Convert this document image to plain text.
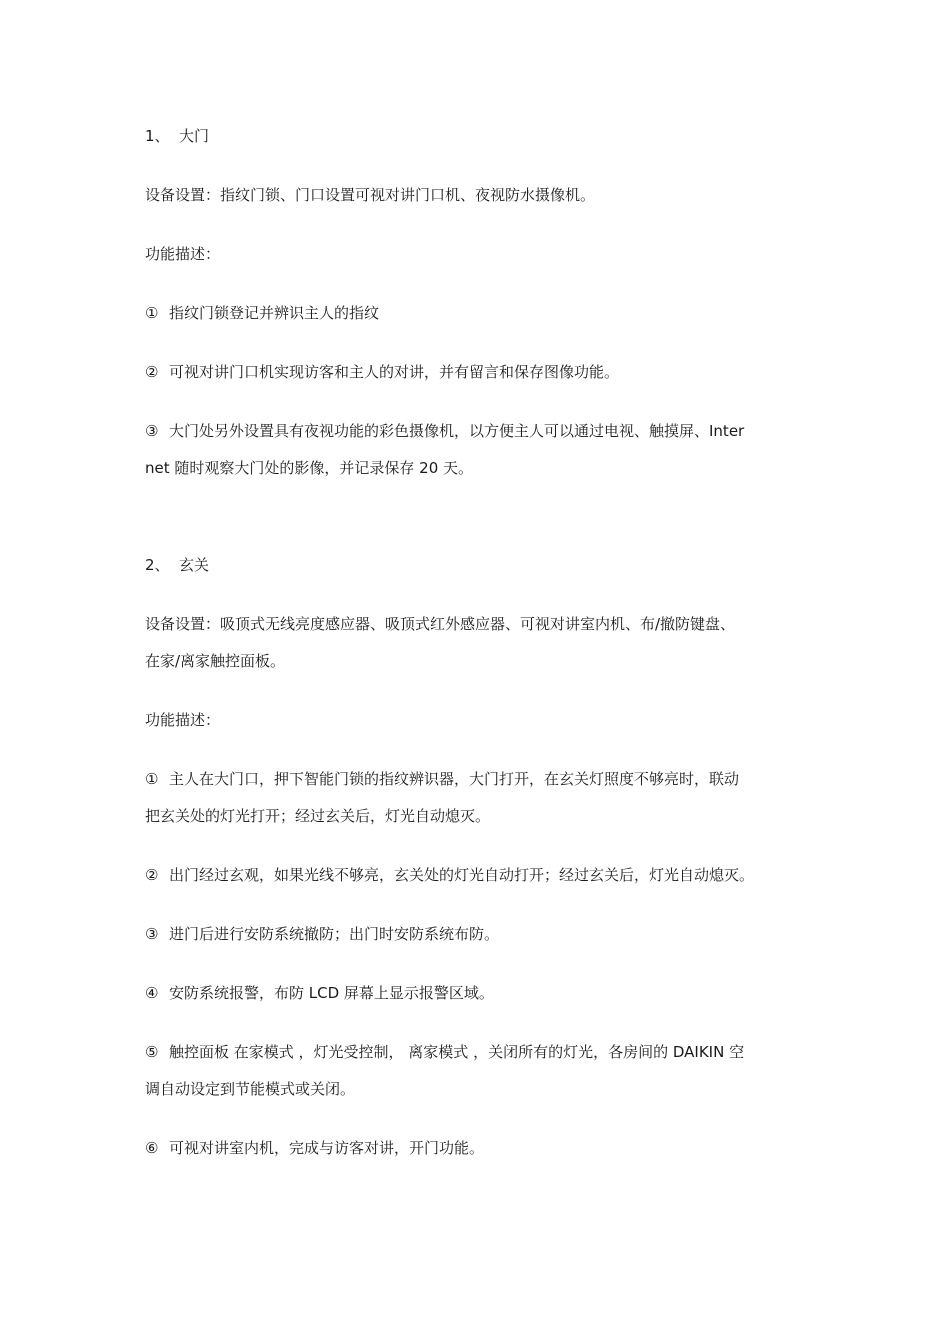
1、 大门

设备设置：指纹门锁、门口设置可视对讲门口机、夜视防水摄像机。

功能描述：

① 指纹门锁登记并辨识主人的指纹
② 可视对讲门口机实现访客和主人的对讲，并有留言和保存图像功能。
③ 大门处另外设置具有夜视功能的彩色摄像机，以方便主人可以通过电视、触摸屏、Inter
net 随时观察大门处的影像，并记录保存 20 天。
2、 玄关
设备设置：吸顶式无线亮度感应器、吸顶式红外感应器、可视对讲室内机、布/撤防键盘、
在家/离家触控面板。

功能描述：

① 主人在大门口，押下智能门锁的指纹辨识器，大门打开，在玄关灯照度不够亮时，联动
把玄关处的灯光打开；经过玄关后，灯光自动熄灭。
② 出门经过玄观，如果光线不够亮，玄关处的灯光自动打开；经过玄关后，灯光自动熄灭。
③ 进门后进行安防系统撤防；出门时安防系统布防。
④ 安防系统报警，布防 LCD 屏幕上显示报警区域。
⑤ 触控面板 在家模式 ，灯光受控制， 离家模式 ，关闭所有的灯光，各房间的 DAIKIN 空
调自动设定到节能模式或关闭。
⑥ 可视对讲室内机，完成与访客对讲，开门功能。
